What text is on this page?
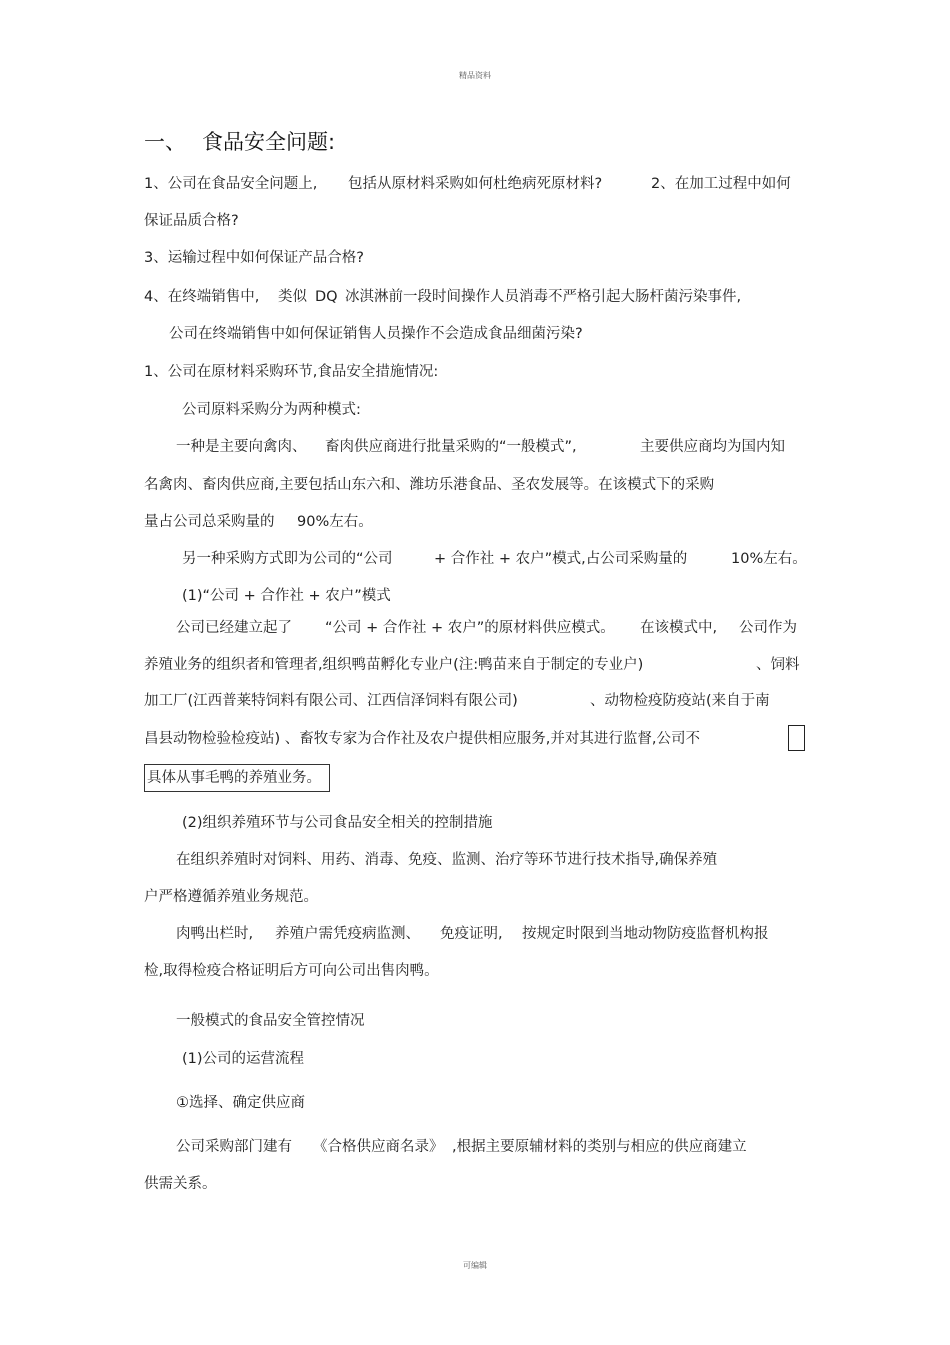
精品资料
一、 食品安全问题:
1、公司在食品安全问题上, 包括从原材料采购如何杜绝病死原材料?	2、在加工过程中如何
保证品质合格?
3、运输过程中如何保证产品合格?
4、在终端销售中, 类似 DQ 冰淇淋前一段时间操作人员消毒不严格引起大肠杆菌污染事件,
公司在终端销售中如何保证销售人员操作不会造成食品细菌污染?
1、公司在原材料采购环节,食品安全措施情况:
公司原料采购分为两种模式:
一种是主要向禽肉、 畜肉供应商进行批量采购的“一般模式”,	主要供应商均为国内知
名禽肉、畜肉供应商,主要包括山东六和、潍坊乐港食品、圣农发展等。在该模式下的采购
量占公司总采购量的 90%左右。
另一种采购方式即为公司的“公司	+ 合作社 + 农户”模式,占公司采购量的	10%左右。
(1)“公司 + 合作社 + 农户”模式
公司已经建立起了 “公司 + 合作社 + 农户”的原材料供应模式。 在该模式中, 公司作为
养殖业务的组织者和管理者,组织鸭苗孵化专业户(注:鸭苗来自于制定的专业户)	、饲料
加工厂(江西普莱特饲料有限公司、江西信泽饲料有限公司)	、动物检疫防疫站(来自于南
昌县动物检验检疫站) 、畜牧专家为合作社及农户提供相应服务,并对其进行监督,公司不
具体从事毛鸭的养殖业务。
(2)组织养殖环节与公司食品安全相关的控制措施
在组织养殖时对饲料、用药、消毒、免疫、监测、治疗等环节进行技术指导,确保养殖
户严格遵循养殖业务规范。
肉鸭出栏时, 养殖户需凭疫病监测、 免疫证明, 按规定时限到当地动物防疫监督机构报
检,取得检疫合格证明后方可向公司出售肉鸭。
一般模式的食品安全管控情况
(1)公司的运营流程
①选择、确定供应商
公司采购部门建有 《合格供应商名录》 ,根据主要原辅材料的类别与相应的供应商建立
供需关系。
可编辑
